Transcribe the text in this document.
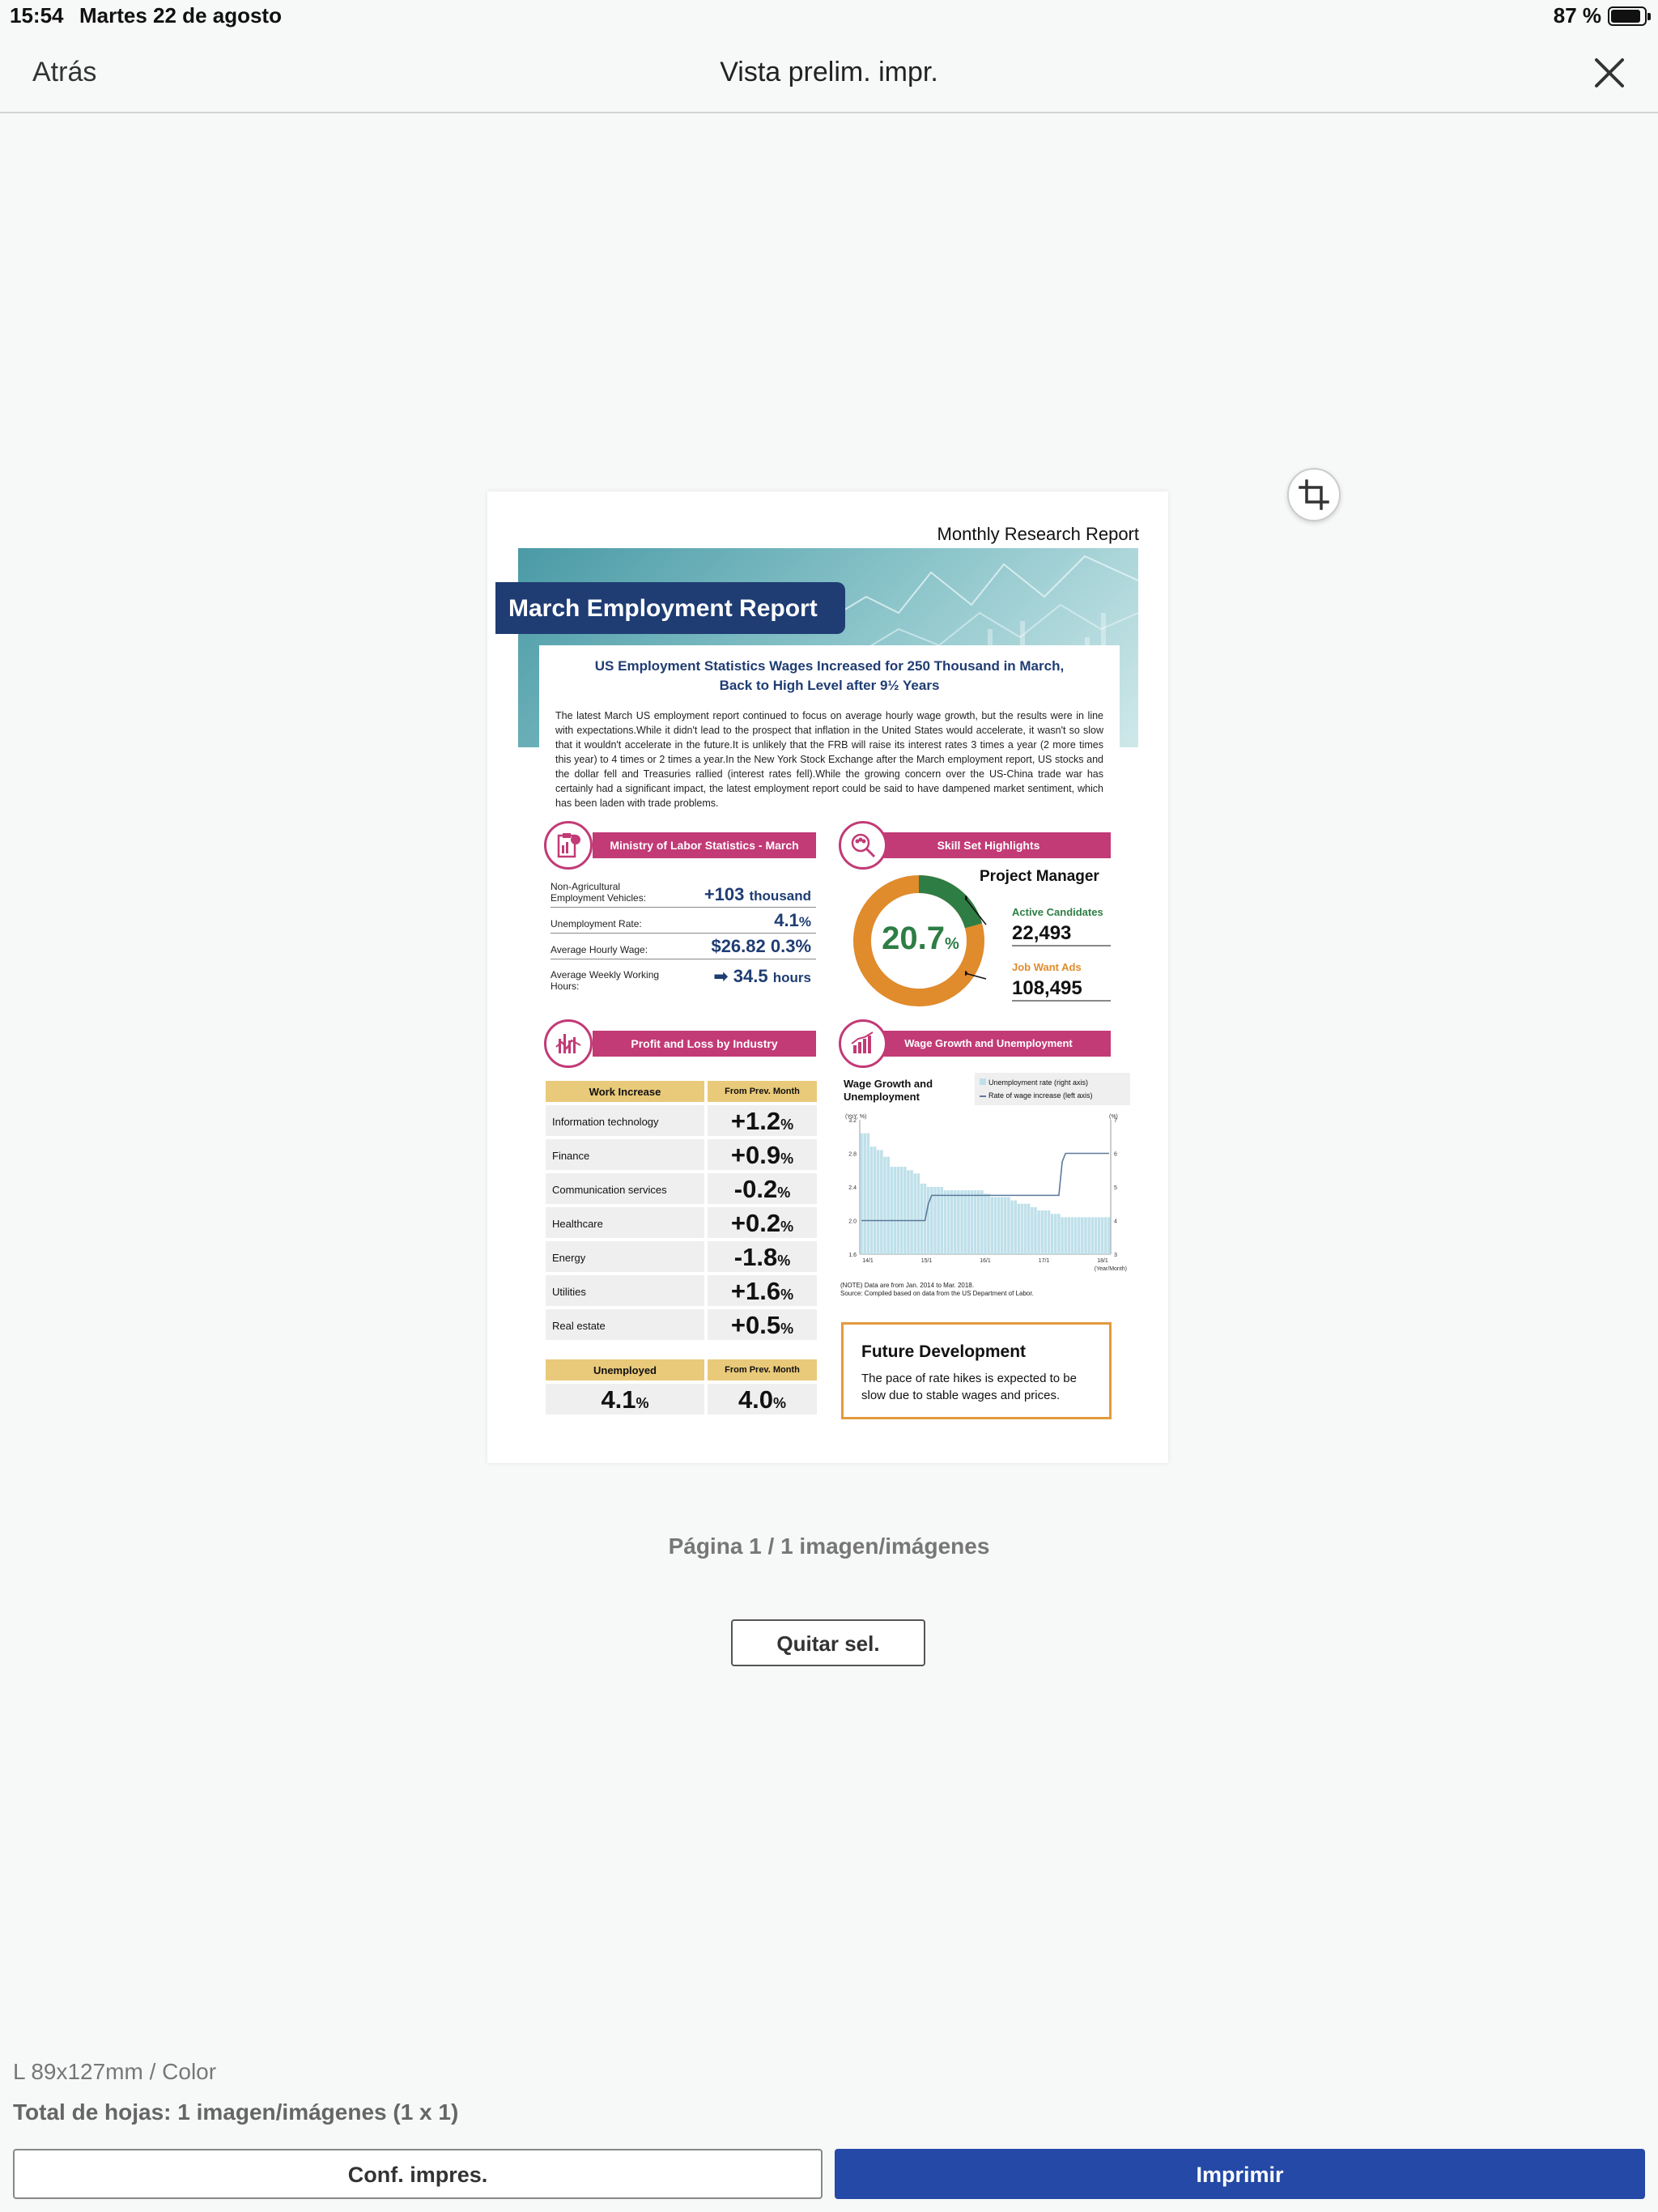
15:54 Martes 22 de agosto	87 %
Atrás	Vista prelim. impr.
Monthly Research Report
March Employment Report
US Employment Statistics Wages Increased for 250 Thousand in March,
Back to High Level after 9½ Years
The latest March US employment report continued to focus on average hourly wage growth, but the results were in line with expectations.While it didn't lead to the prospect that inflation in the United States would accelerate, it wasn't so slow that it wouldn't accelerate in the future.It is unlikely that the FRB will raise its interest rates 3 times a year (2 more times this year) to 4 times or 2 times a year.In the New York Stock Exchange after the March employment report, US stocks and the dollar fell and Treasuries rallied (interest rates fell).While the growing concern over the US-China trade war has certainly had a significant impact, the latest employment report could be said to have dampened market sentiment, which has been laden with trade problems.
Ministry of Labor Statistics - March
Non-Agricultural Employment Vehicles:	+103 thousand
Unemployment Rate:	4.1%
Average Hourly Wage:	$26.82 0.3%
Average Weekly Working Hours:	➡ 34.5 hours
Skill Set Highlights
Project Manager
20.7%
Active Candidates
22,493
Job Want Ads
108,495
Profit and Loss by Industry
Work Increase	From Prev. Month
Information technology	+1.2%
Finance	+0.9%
Communication services	-0.2%
Healthcare	+0.2%
Energy	-1.8%
Utilities	+1.6%
Real estate	+0.5%
Unemployed	From Prev. Month
4.1%	4.0%
Wage Growth and Unemployment
Wage Growth and Unemployment
Unemployment rate (right axis)
Rate of wage increase (left axis)
3.2
2.8
2.4
2.0
1.6
7
6
5
4
3
14/1	15/1	16/1	17/1	18/1
(YoY, %)	(%)
(Year/Month)
(NOTE) Data are from Jan. 2014 to Mar. 2018.
Source: Compiled based on data from the US Department of Labor.
Future Development
The pace of rate hikes is expected to be slow due to stable wages and prices.
Página 1 / 1 imagen/imágenes
Quitar sel.
L 89x127mm / Color
Total de hojas: 1 imagen/imágenes (1 x 1)
Conf. impres.	Imprimir
